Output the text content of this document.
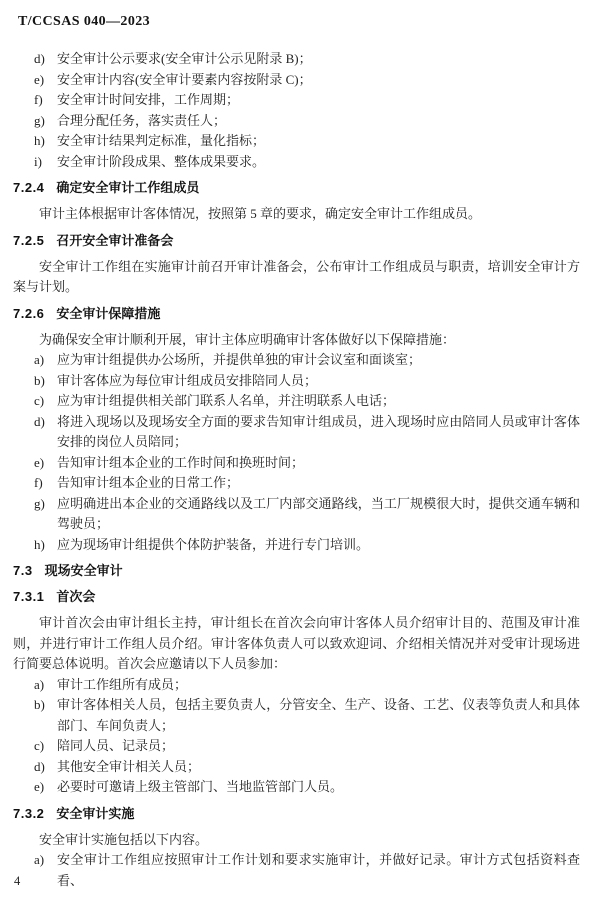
T/CCSAS 040—2023
d) 安全审计公示要求(安全审计公示见附录 B)；
e) 安全审计内容(安全审计要素内容按附录 C)；
f) 安全审计时间安排，工作周期；
g) 合理分配任务，落实责任人；
h) 安全审计结果判定标准，量化指标；
i) 安全审计阶段成果、整体成果要求。
7.2.4 确定安全审计工作组成员

审计主体根据审计客体情况，按照第 5 章的要求，确定安全审计工作组成员。

7.2.5 召开安全审计准备会

安全审计工作组在实施审计前召开审计准备会，公布审计工作组成员与职责，培训安全审计方案与计划。

7.2.6 安全审计保障措施

为确保安全审计顺利开展，审计主体应明确审计客体做好以下保障措施：

a) 应为审计组提供办公场所，并提供单独的审计会议室和面谈室；
b) 审计客体应为每位审计组成员安排陪同人员；
c) 应为审计组提供相关部门联系人名单，并注明联系人电话；
d) 将进入现场以及现场安全方面的要求告知审计组成员，进入现场时应由陪同人员或审计客体安排的岗位人员陪同；
e) 告知审计组本企业的工作时间和换班时间；
f) 告知审计组本企业的日常工作；
g) 应明确进出本企业的交通路线以及工厂内部交通路线，当工厂规模很大时，提供交通车辆和驾驶员；
h) 应为现场审计组提供个体防护装备，并进行专门培训。
7.3 现场安全审计
7.3.1 首次会

审计首次会由审计组长主持，审计组长在首次会向审计客体人员介绍审计目的、范围及审计准则，并进行审计工作组人员介绍。审计客体负责人可以致欢迎词、介绍相关情况并对受审计现场进行简要总体说明。首次会应邀请以下人员参加：

a) 审计工作组所有成员；
b) 审计客体相关人员，包括主要负责人，分管安全、生产、设备、工艺、仪表等负责人和具体部门、车间负责人；
c) 陪同人员、记录员；
d) 其他安全审计相关人员；
e) 必要时可邀请上级主管部门、当地监管部门人员。
7.3.2 安全审计实施

安全审计实施包括以下内容。

a) 安全审计工作组应按照审计工作计划和要求实施审计，并做好记录。审计方式包括资料查看、
4
